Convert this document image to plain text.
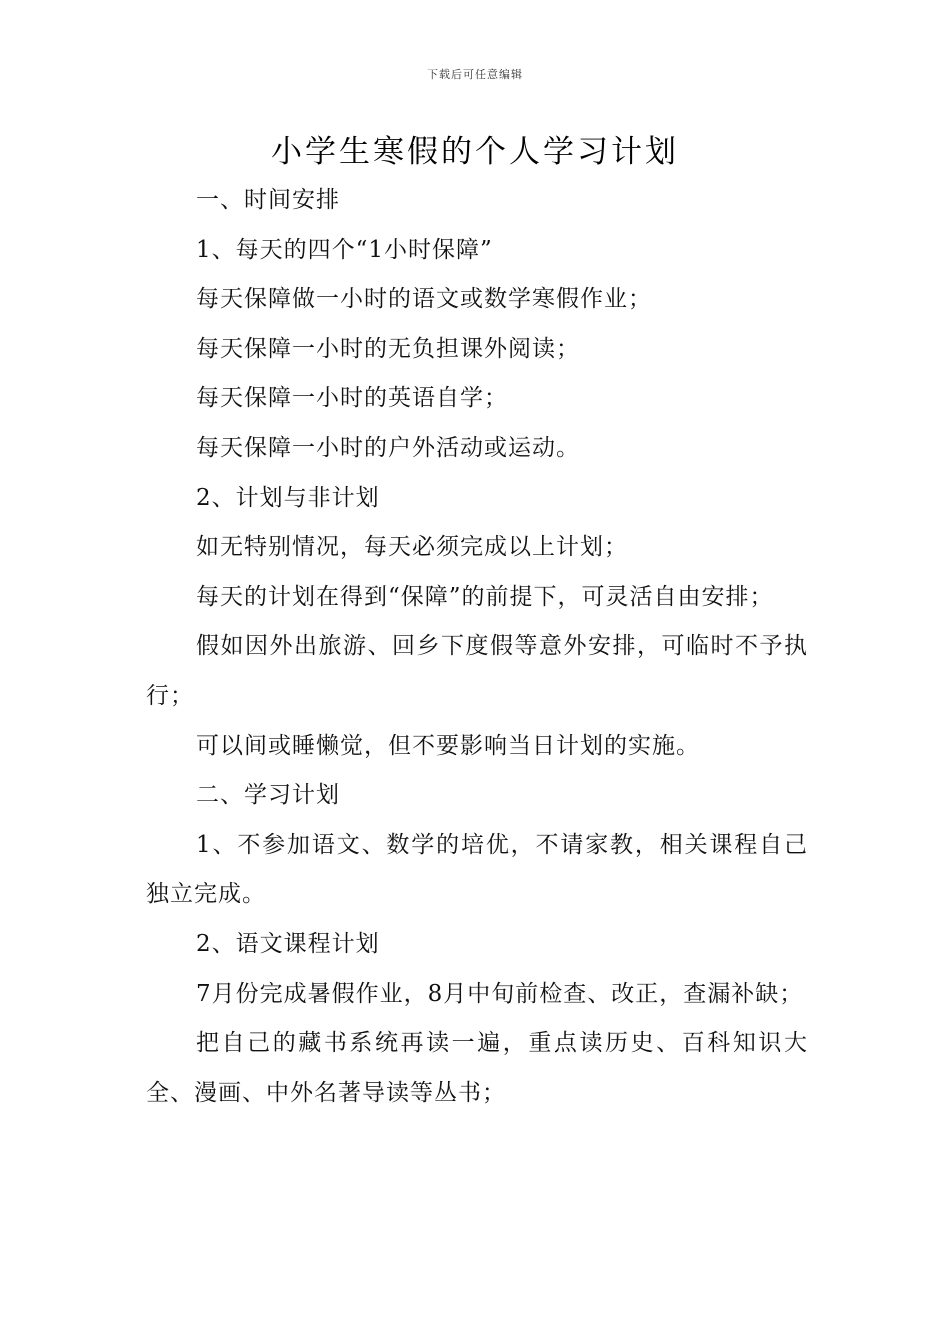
下载后可任意编辑
小学生寒假的个人学习计划

一、时间安排

1、每天的四个“1小时保障”

每天保障做一小时的语文或数学寒假作业；

每天保障一小时的无负担课外阅读；

每天保障一小时的英语自学；

每天保障一小时的户外活动或运动。

2、计划与非计划

如无特别情况，每天必须完成以上计划；

每天的计划在得到“保障”的前提下，可灵活自由安排；

假如因外出旅游、回乡下度假等意外安排，可临时不予执行；

可以间或睡懒觉，但不要影响当日计划的实施。

二、学习计划

1、不参加语文、数学的培优，不请家教，相关课程自己独立完成。

2、语文课程计划

7月份完成暑假作业，8月中旬前检查、改正，查漏补缺；

把自己的藏书系统再读一遍，重点读历史、百科知识大全、漫画、中外名著导读等丛书；
